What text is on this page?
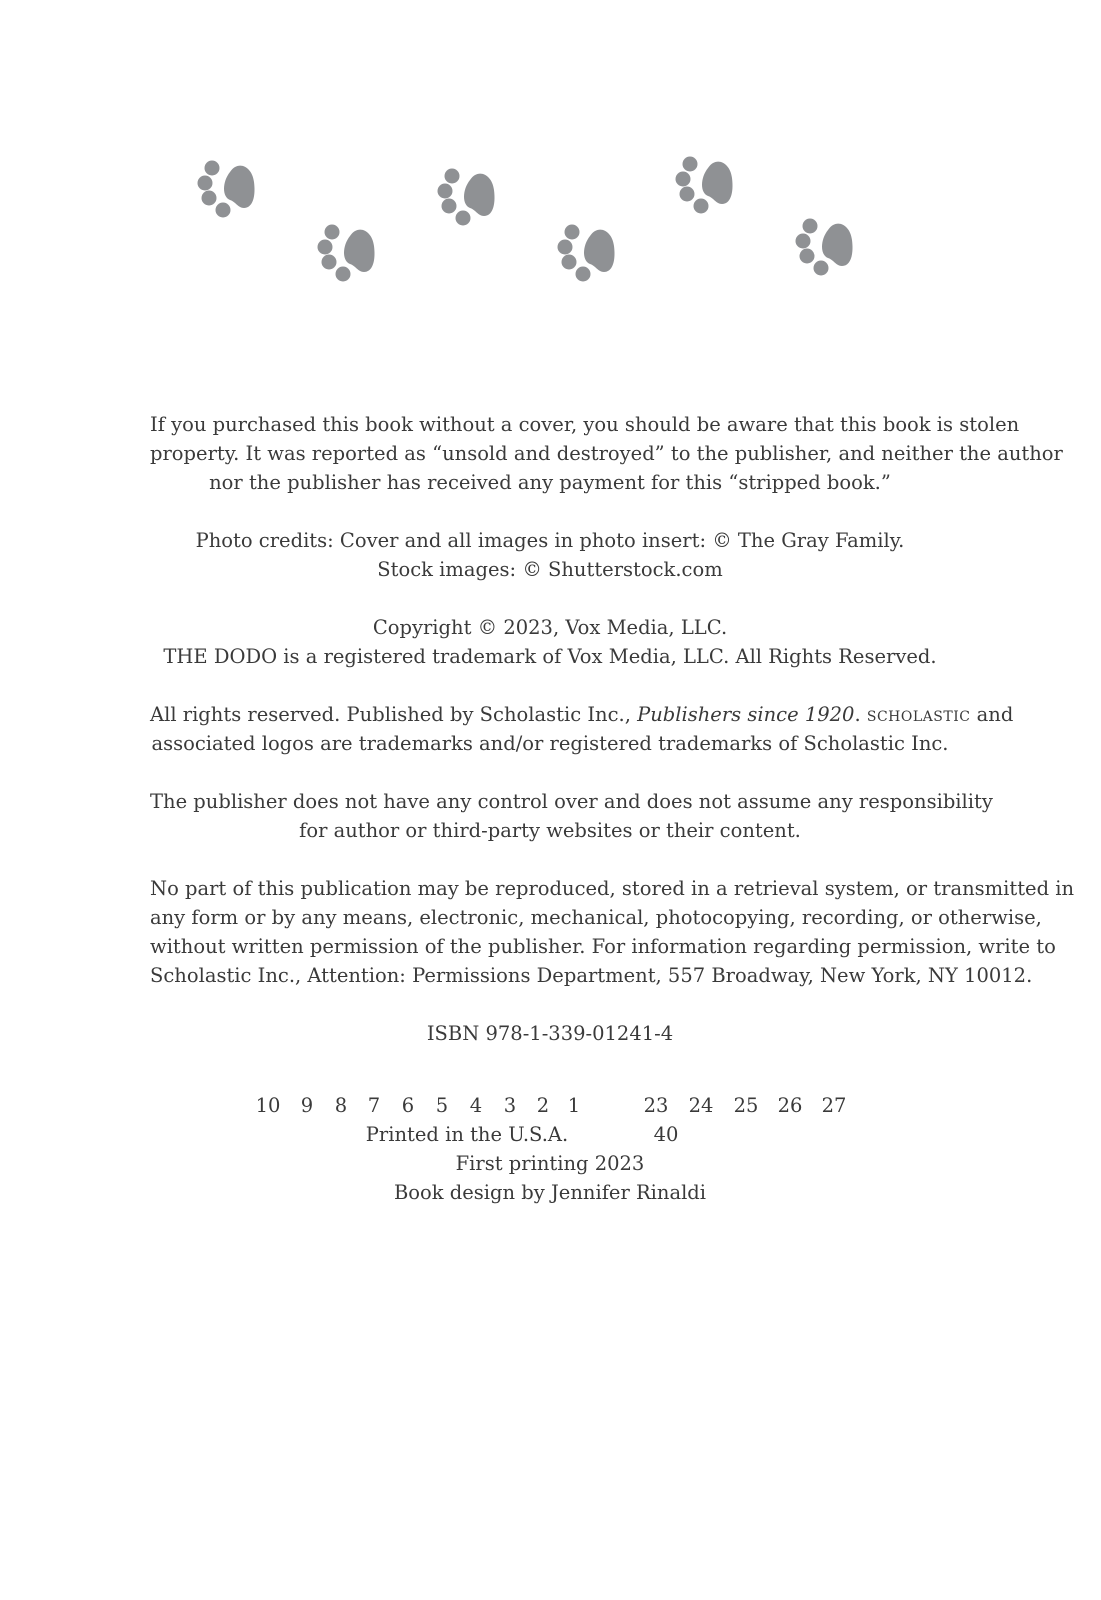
If you purchased this book without a cover, you should be aware that this book is stolen
property. It was reported as “unsold and destroyed” to the publisher, and neither the author
nor the publisher has received any payment for this “stripped book.”

Photo credits: Cover and all images in photo insert: © The Gray Family.
Stock images: © Shutterstock.com

Copyright © 2023, Vox Media, LLC.
THE DODO is a registered trademark of Vox Media, LLC. All Rights Reserved.

All rights reserved. Published by Scholastic Inc., Publishers since 1920. scholastic and
associated logos are trademarks and/or registered trademarks of Scholastic Inc.

The publisher does not have any control over and does not assume any responsibility
for author or third-party websites or their content.

No part of this publication may be reproduced, stored in a retrieval system, or transmitted in
any form or by any means, electronic, mechanical, photocopying, recording, or otherwise,
without written permission of the publisher. For information regarding permission, write to
Scholastic Inc., Attention: Permissions Department, 557 Broadway, New York, NY 10012.

ISBN 978-1-339-01241-4

10	9	8	7	6	5	4	3	2 1	23	24	25 26 27
Printed in the U.S.A.	40
First printing 2023
Book design by Jennifer Rinaldi
